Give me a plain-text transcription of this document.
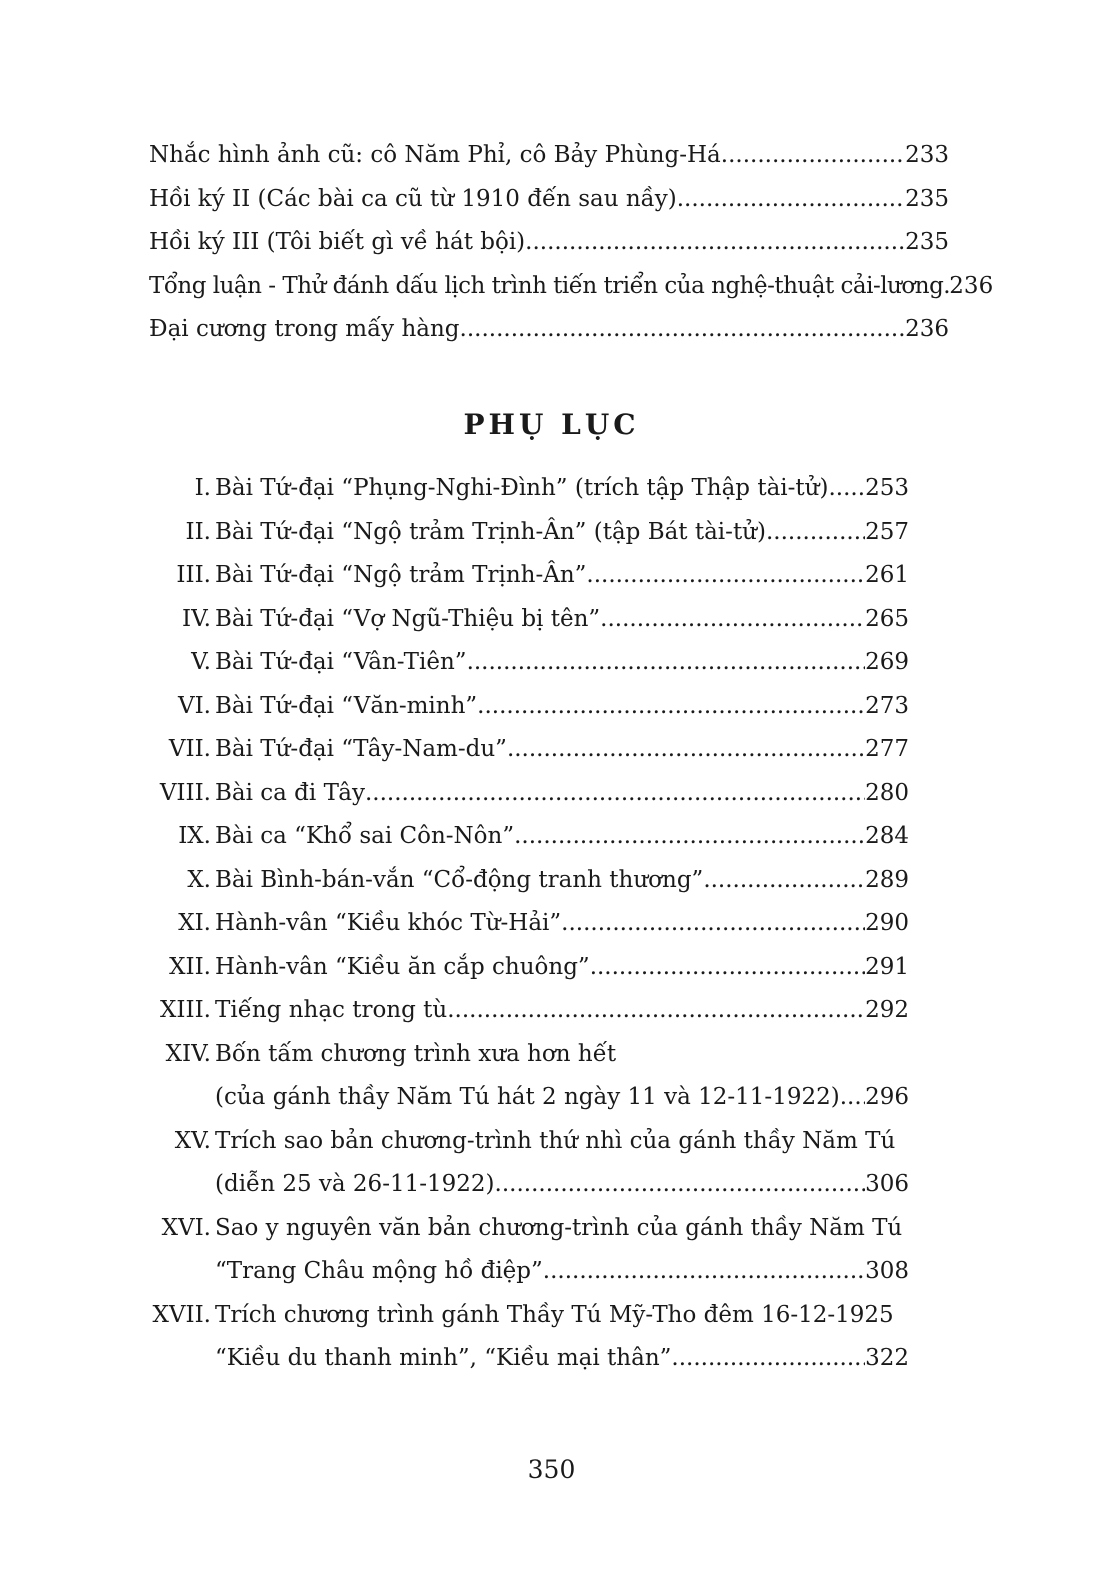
Nhắc hình ảnh cũ: cô Năm Phỉ, cô Bảy Phùng-Há .....	233
Hồi ký II (Các bài ca cũ từ 1910 đến sau nầy) .....	235
Hồi ký III (Tôi biết gì về hát bội) .....	235
Tổng luận - Thử đánh dấu lịch trình tiến triển của nghệ-thuật cải-lương ..... 236
Đại cương trong mấy hàng .....	236
PHỤ LỤC
I. Bài Tứ-đại “Phụng-Nghi-Đình” (trích tập Thập tài-tử) ..... 253
II. Bài Tứ-đại “Ngộ trảm Trịnh-Ân” (tập Bát tài-tử) .....	257
III. Bài Tứ-đại “Ngộ trảm Trịnh-Ân” .....	261
IV. Bài Tứ-đại “Vợ Ngũ-Thiệu bị tên” .....	265
V. Bài Tứ-đại “Vân-Tiên” .....	269
VI. Bài Tứ-đại “Văn-minh” .....	273
VII. Bài Tứ-đại “Tây-Nam-du” .....	277
VIII. Bài ca đi Tây .....	280
IX. Bài ca “Khổ sai Côn-Nôn” .....	284
X. Bài Bình-bán-vắn “Cổ-động tranh thương” .....	289
XI. Hành-vân “Kiều khóc Từ-Hải” .....	290
XII. Hành-vân “Kiều ăn cắp chuông” .....	291
XIII. Tiếng nhạc trong tù .....	292
XIV. Bốn tấm chương trình xưa hơn hết
(của gánh thầy Năm Tú hát 2 ngày 11 và 12-11-1922) ..... 296
XV. Trích sao bản chương-trình thứ nhì của gánh thầy Năm Tú
(diễn 25 và 26-11-1922) .....	306
XVI. Sao y nguyên văn bản chương-trình của gánh thầy Năm Tú
“Trang Châu mộng hồ điệp” .....	308
XVII. Trích chương trình gánh Thầy Tú Mỹ-Tho đêm 16-12-1925
“Kiều du thanh minh”, “Kiều mại thân” .....	322
350
